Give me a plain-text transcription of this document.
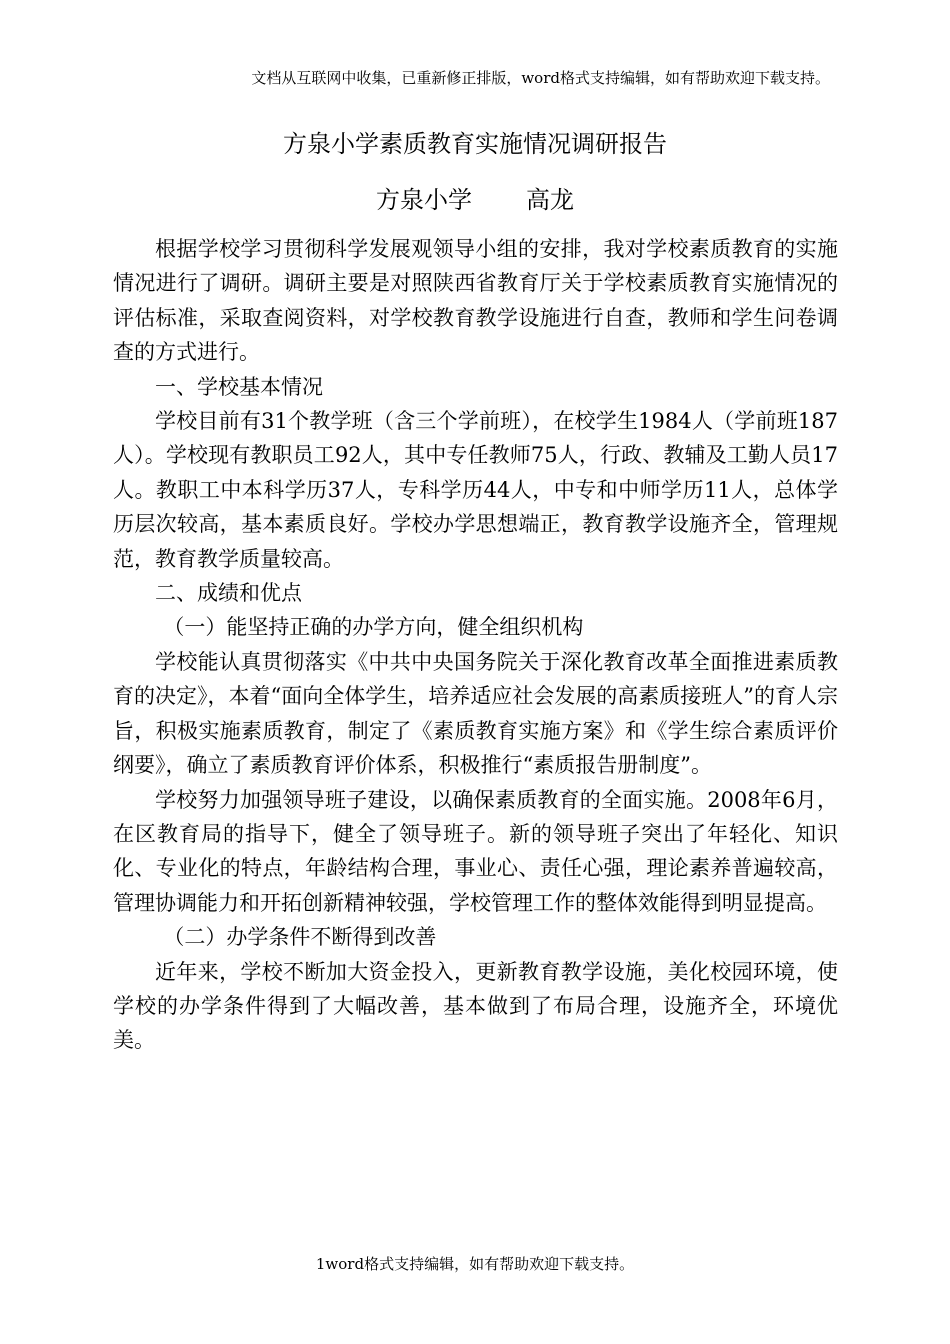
文档从互联网中收集，已重新修正排版，word格式支持编辑，如有帮助欢迎下载支持。
方泉小学素质教育实施情况调研报告
方泉小学 高龙

根据学校学习贯彻科学发展观领导小组的安排，我对学校素质教育的实施情况进行了调研。调研主要是对照陕西省教育厅关于学校素质教育实施情况的评估标准，采取查阅资料，对学校教育教学设施进行自查，教师和学生问卷调查的方式进行。

一、学校基本情况

学校目前有31个教学班（含三个学前班），在校学生1984人（学前班187人）。学校现有教职员工92人，其中专任教师75人，行政、教辅及工勤人员17人。教职工中本科学历37人，专科学历44人，中专和中师学历11人，总体学历层次较高，基本素质良好。学校办学思想端正，教育教学设施齐全，管理规范，教育教学质量较高。

二、成绩和优点

（一）能坚持正确的办学方向，健全组织机构

学校能认真贯彻落实《中共中央国务院关于深化教育改革全面推进素质教育的决定》，本着“面向全体学生，培养适应社会发展的高素质接班人”的育人宗旨，积极实施素质教育，制定了《素质教育实施方案》和《学生综合素质评价纲要》，确立了素质教育评价体系，积极推行“素质报告册制度”。

学校努力加强领导班子建设，以确保素质教育的全面实施。2008年6月，在区教育局的指导下，健全了领导班子。新的领导班子突出了年轻化、知识化、专业化的特点，年龄结构合理，事业心、责任心强，理论素养普遍较高，管理协调能力和开拓创新精神较强，学校管理工作的整体效能得到明显提高。

（二）办学条件不断得到改善

近年来，学校不断加大资金投入，更新教育教学设施，美化校园环境，使学校的办学条件得到了大幅改善，基本做到了布局合理，设施齐全，环境优美。

1word格式支持编辑，如有帮助欢迎下载支持。
